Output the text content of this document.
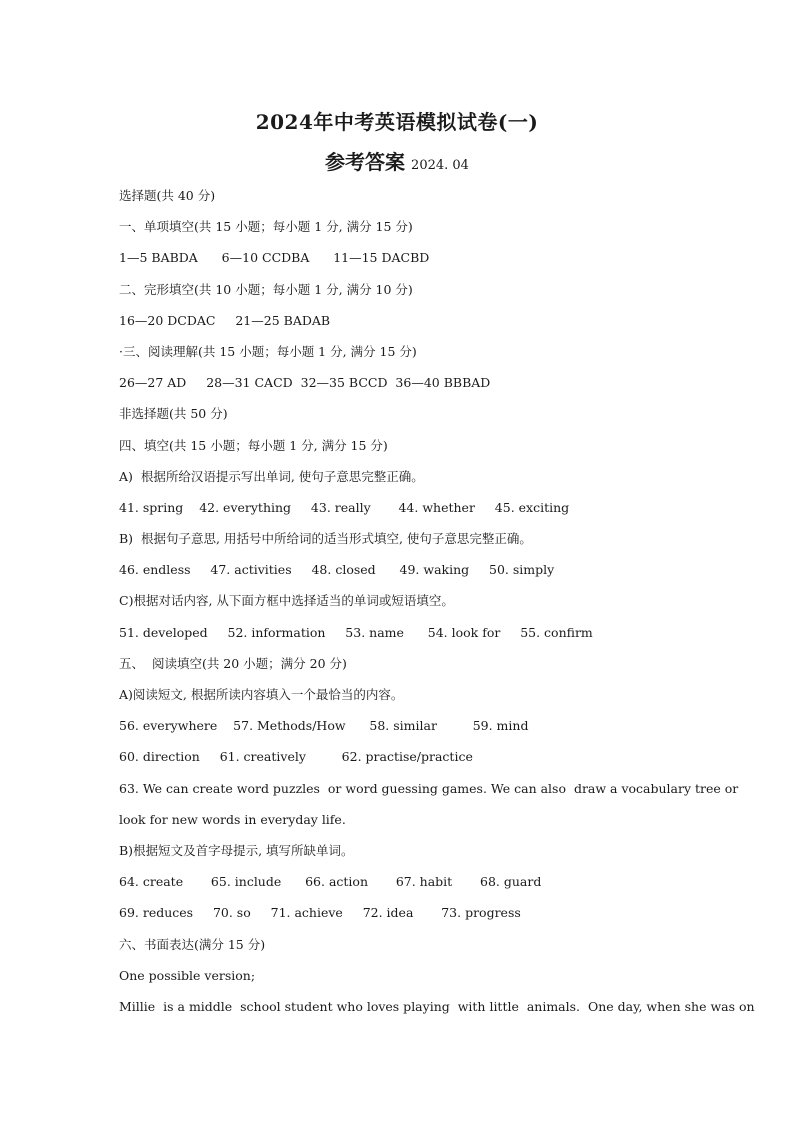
2024年中考英语模拟试卷(一)
参考答案 2024. 04
选择题(共 40 分)
一、单项填空(共 15 小题；每小题 1 分, 满分 15 分)
1—5 BABDA      6—10 CCDBA      11—15 DACBD
二、完形填空(共 10 小题；每小题 1 分, 满分 10 分)
16—20 DCDAC     21—25 BADAB
·三、阅读理解(共 15 小题；每小题 1 分, 满分 15 分)
26—27 AD     28—31 CACD  32—35 BCCD  36—40 BBBAD
非选择题(共 50 分)
四、填空(共 15 小题；每小题 1 分, 满分 15 分)
A)  根据所给汉语提示写出单词, 使句子意思完整正确。
41. spring    42. everything     43. really       44. whether     45. exciting
B)  根据句子意思, 用括号中所给词的适当形式填空, 使句子意思完整正确。
46. endless     47. activities     48. closed      49. waking     50. simply
C)根据对话内容, 从下面方框中选择适当的单词或短语填空。
51. developed     52. information     53. name      54. look for     55. confirm
五、  阅读填空(共 20 小题；满分 20 分)
A)阅读短文, 根据所读内容填入一个最恰当的内容。
56. everywhere    57. Methods/How      58. similar         59. mind
60. direction     61. creatively         62. practise/practice
63. We can create word puzzles  or word guessing games. We can also  draw a vocabulary tree or
look for new words in everyday life.
B)根据短文及首字母提示, 填写所缺单词。
64. create       65. include      66. action       67. habit       68. guard
69. reduces     70. so     71. achieve     72. idea       73. progress
六、书面表达(满分 15 分)
One possible version;
Millie  is a middle  school student who loves playing  with little  animals.  One day, when she was on
